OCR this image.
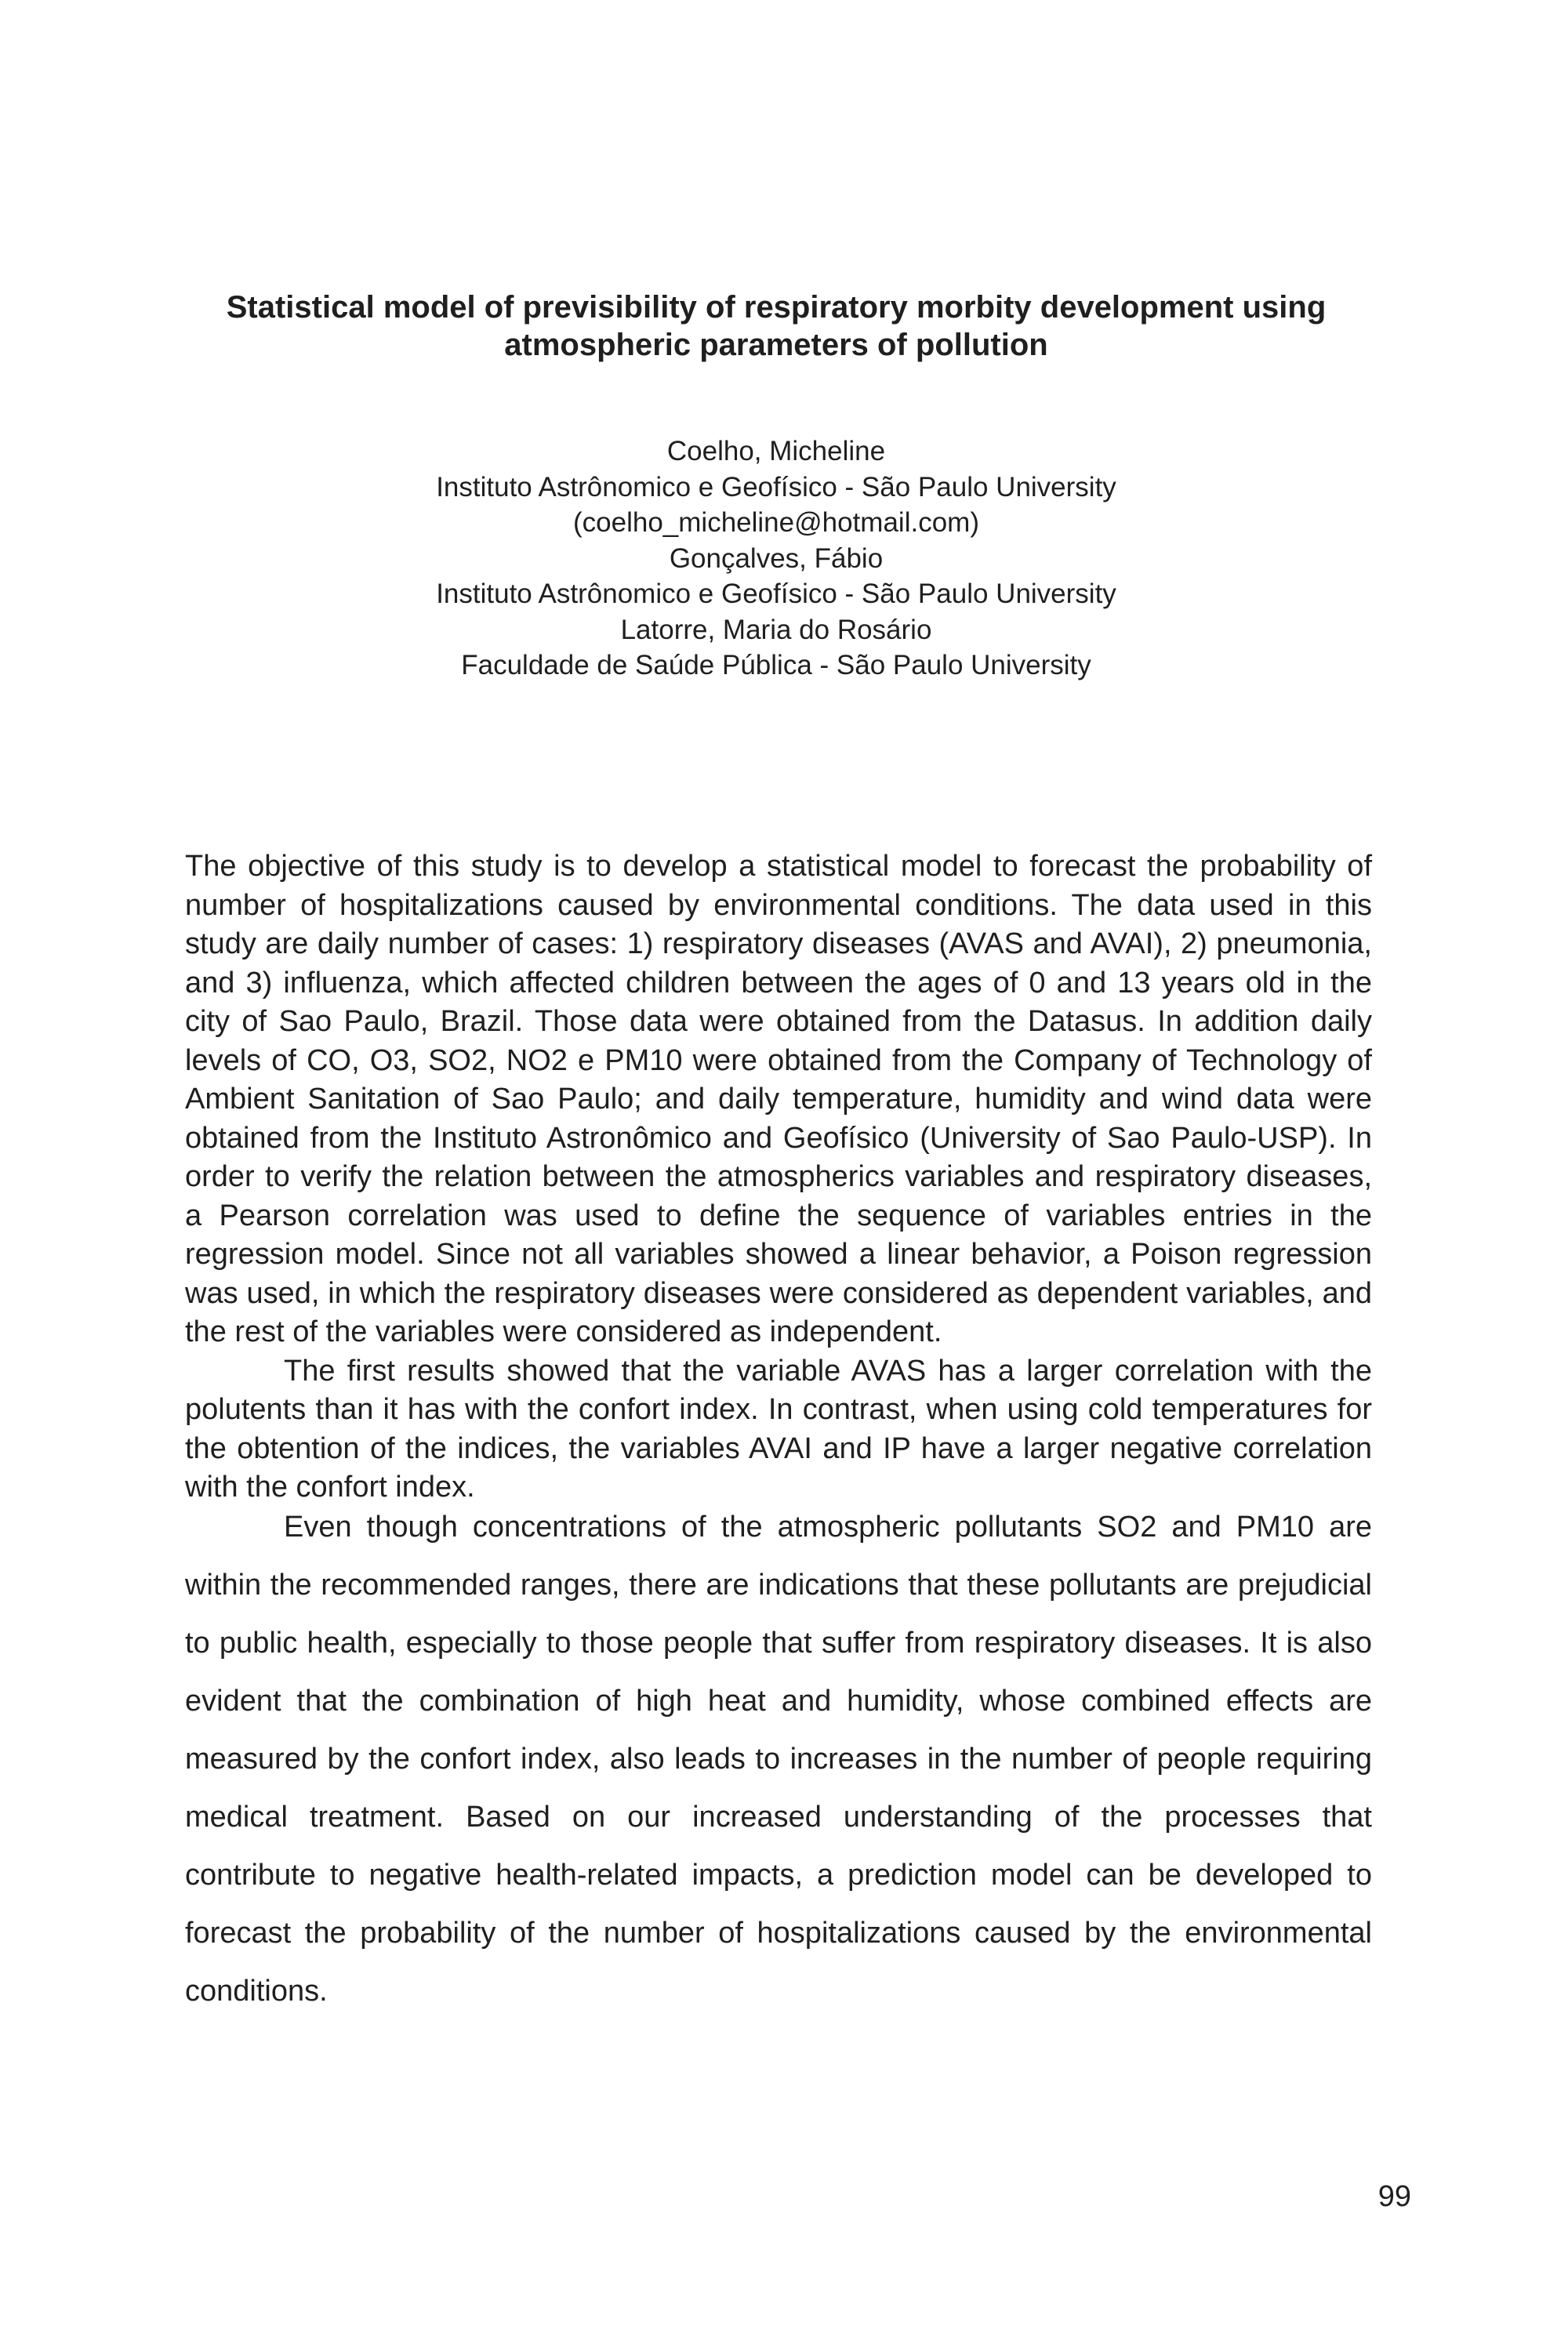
Statistical model of previsibility of respiratory morbity development using atmospheric parameters of pollution
Coelho, Micheline
Instituto Astrônomico e Geofísico - São Paulo University
(coelho_micheline@hotmail.com)
Gonçalves, Fábio
Instituto Astrônomico e Geofísico - São Paulo University
Latorre, Maria do Rosário
Faculdade de Saúde Pública - São Paulo University

The objective of this study is to develop a statistical model to forecast the probability of number of hospitalizations caused by environmental conditions. The data used in this study are daily number of cases: 1) respiratory diseases (AVAS and AVAI), 2) pneumonia, and 3) influenza, which affected children between the ages of 0 and 13 years old in the city of Sao Paulo, Brazil. Those data were obtained from the Datasus. In addition daily levels of CO, O3, SO2, NO2 e PM10 were obtained from the Company of Technology of Ambient Sanitation of Sao Paulo; and daily temperature, humidity and wind data were obtained from the Instituto Astronômico and Geofísico (University of Sao Paulo-USP). In order to verify the relation between the atmospherics variables and respiratory diseases, a Pearson correlation was used to define the sequence of variables entries in the regression model. Since not all variables showed a linear behavior, a Poison regression was used, in which the respiratory diseases were considered as dependent variables, and the rest of the variables were considered as independent.

The first results showed that the variable AVAS has a larger correlation with the polutents than it has with the confort index. In contrast, when using cold temperatures for the obtention of the indices, the variables AVAI and IP have a larger negative correlation with the confort index.

Even though concentrations of the atmospheric pollutants SO2 and PM10 are within the recommended ranges, there are indications that these pollutants are prejudicial to public health, especially to those people that suffer from respiratory diseases. It is also evident that the combination of high heat and humidity, whose combined effects are measured by the confort index, also leads to increases in the number of people requiring medical treatment. Based on our increased understanding of the processes that contribute to negative health-related impacts, a prediction model can be developed to forecast the probability of the number of hospitalizations caused by the environmental conditions.

99
